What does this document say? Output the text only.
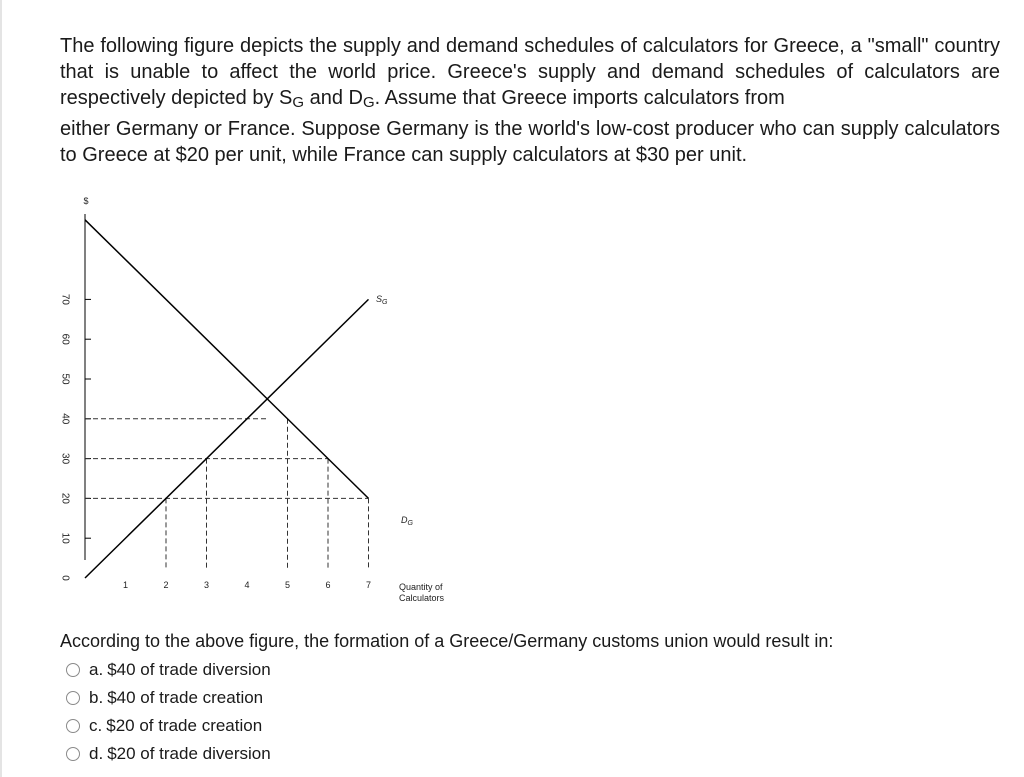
The following figure depicts the supply and demand schedules of calculators for Greece, a "small" country that is unable to affect the world price. Greece's supply and demand schedules of calculators are respectively depicted by $S_G$ and $D_G$. Assume that Greece imports calculators from

either Germany or France. Suppose Germany is the world's low-cost producer who can supply calculators to Greece at $20 per unit, while France can supply calculators at $30 per unit.

$
70
60
50
40
30
20
10
0
1	2	3	4	5	6	7
$S_G$
$D_G$
Quantity of
Calculators
According to the above figure, the formation of a Greece/Germany customs union would result in:
a. $40 of trade diversion
b. $40 of trade creation
c. $20 of trade creation
d. $20 of trade diversion
